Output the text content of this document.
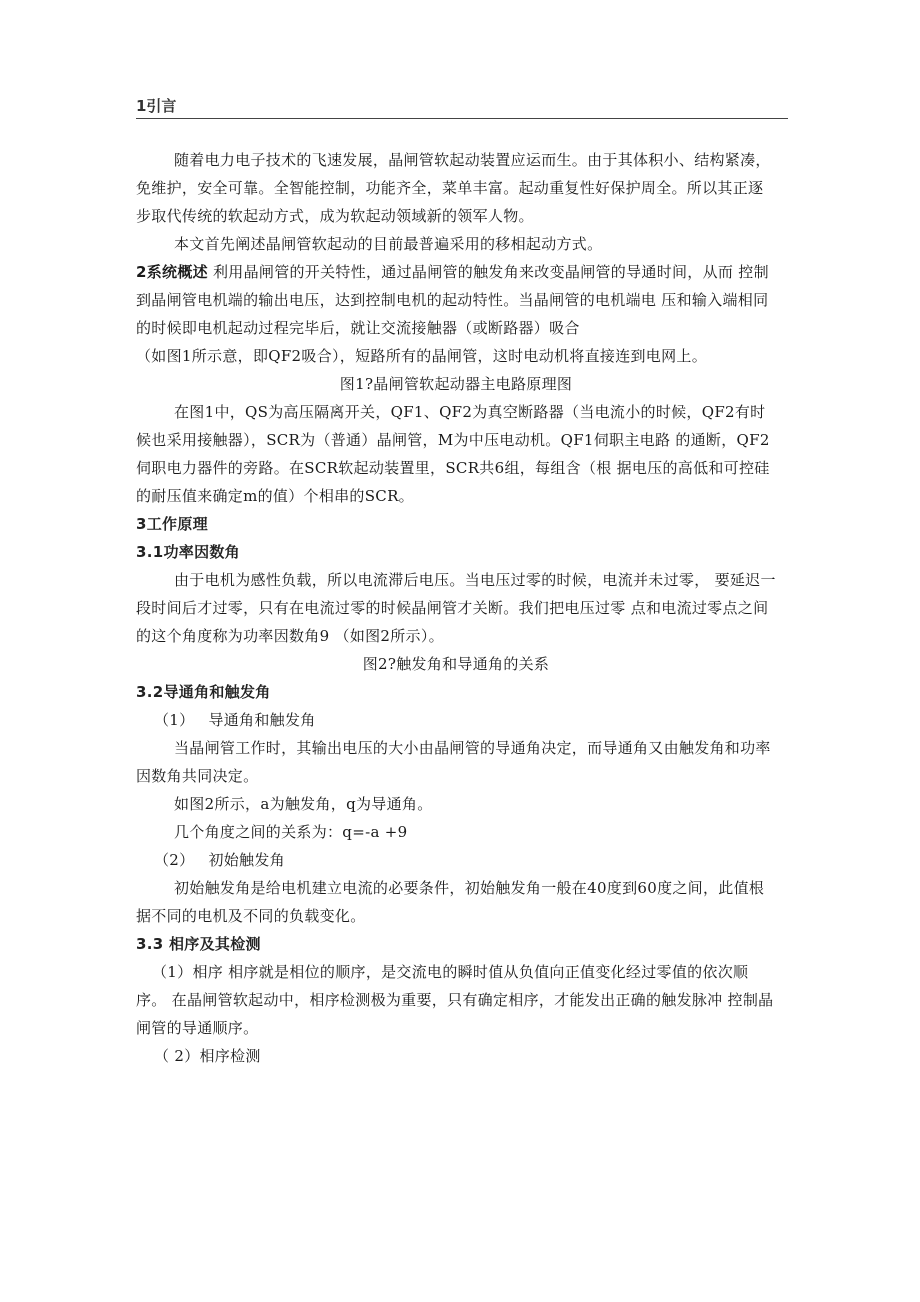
1引言

随着电力电子技术的飞速发展，晶闸管软起动装置应运而生。由于其体积小、结构紧凑，免维护，安全可靠。全智能控制，功能齐全，菜单丰富。起动重复性好保护周全。所以其正逐步取代传统的软起动方式，成为软起动领域新的领军人物。

本文首先阐述晶闸管软起动的目前最普遍采用的移相起动方式。

2系统概述 利用晶闸管的开关特性，通过晶闸管的触发角来改变晶闸管的导通时间，从而 控制到晶闸管电机端的输出电压，达到控制电机的起动特性。当晶闸管的电机端电 压和输入端相同的时候即电机起动过程完毕后，就让交流接触器（或断路器）吸合

（如图1所示意，即QF2吸合），短路所有的晶闸管，这时电动机将直接连到电网上。

图1?晶闸管软起动器主电路原理图

在图1中，QS为高压隔离开关，QF1、QF2为真空断路器（当电流小的时候，QF2有时候也采用接触器），SCR为（普通）晶闸管，M为中压电动机。QF1伺职主电路 的通断，QF2伺职电力器件的旁路。在SCR软起动装置里，SCR共6组，每组含（根 据电压的高低和可控硅的耐压值来确定m的值）个相串的SCR。

3工作原理

3.1功率因数角

由于电机为感性负载，所以电流滞后电压。当电压过零的时候，电流并未过零， 要延迟一段时间后才过零，只有在电流过零的时候晶闸管才关断。我们把电压过零 点和电流过零点之间的这个角度称为功率因数角9 （如图2所示）。

图2?触发角和导通角的关系

3.2导通角和触发角

（1） 导通角和触发角

当晶闸管工作时，其输出电压的大小由晶闸管的导通角决定，而导通角又由触发角和功率因数角共同决定。

如图2所示，a为触发角，q为导通角。

几个角度之间的关系为：q=-a +9

（2） 初始触发角

初始触发角是给电机建立电流的必要条件，初始触发角一般在40度到60度之间，此值根据不同的电机及不同的负载变化。

3.3 相序及其检测

（1）相序 相序就是相位的顺序，是交流电的瞬时值从负值向正值变化经过零值的依次顺序。 在晶闸管软起动中，相序检测极为重要，只有确定相序，才能发出正确的触发脉冲 控制晶闸管的导通顺序。

（ 2）相序检测
